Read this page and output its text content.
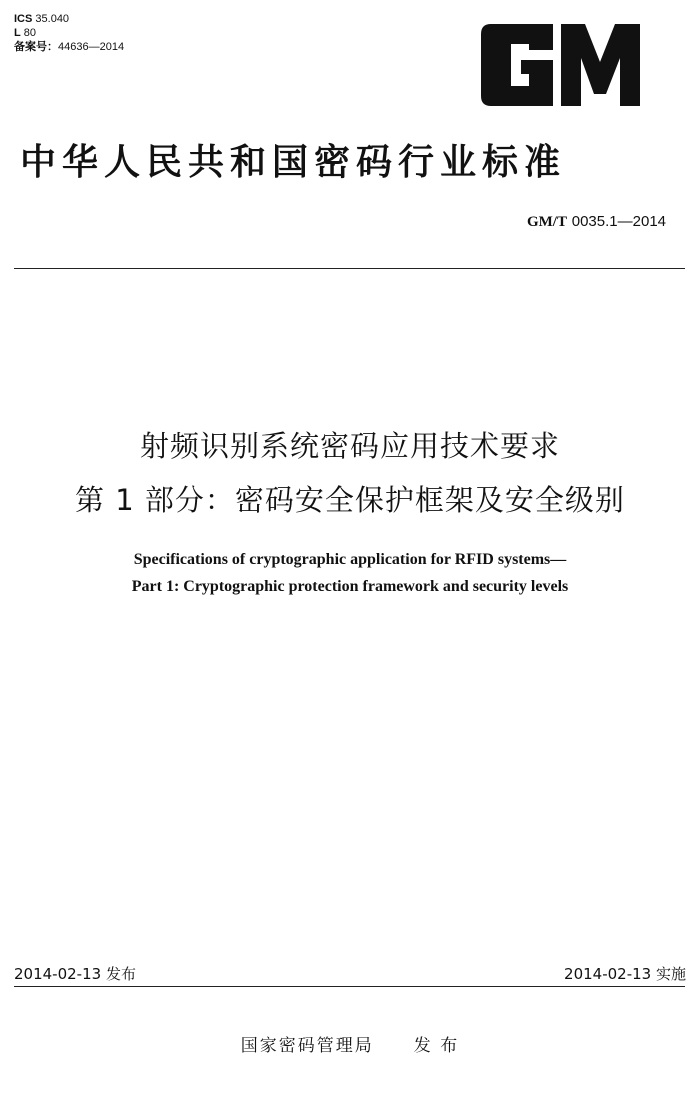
ICS 35.040
L 80
备案号：44636—2014
中华人民共和国密码行业标准
GM/T 0035.1—2014
射频识别系统密码应用技术要求
第 1 部分：密码安全保护框架及安全级别
Specifications of cryptographic application for RFID systems—
Part 1: Cryptographic protection framework and security levels
2014-02-13 发布	2014-02-13 实施
国家密码管理局 发 布
